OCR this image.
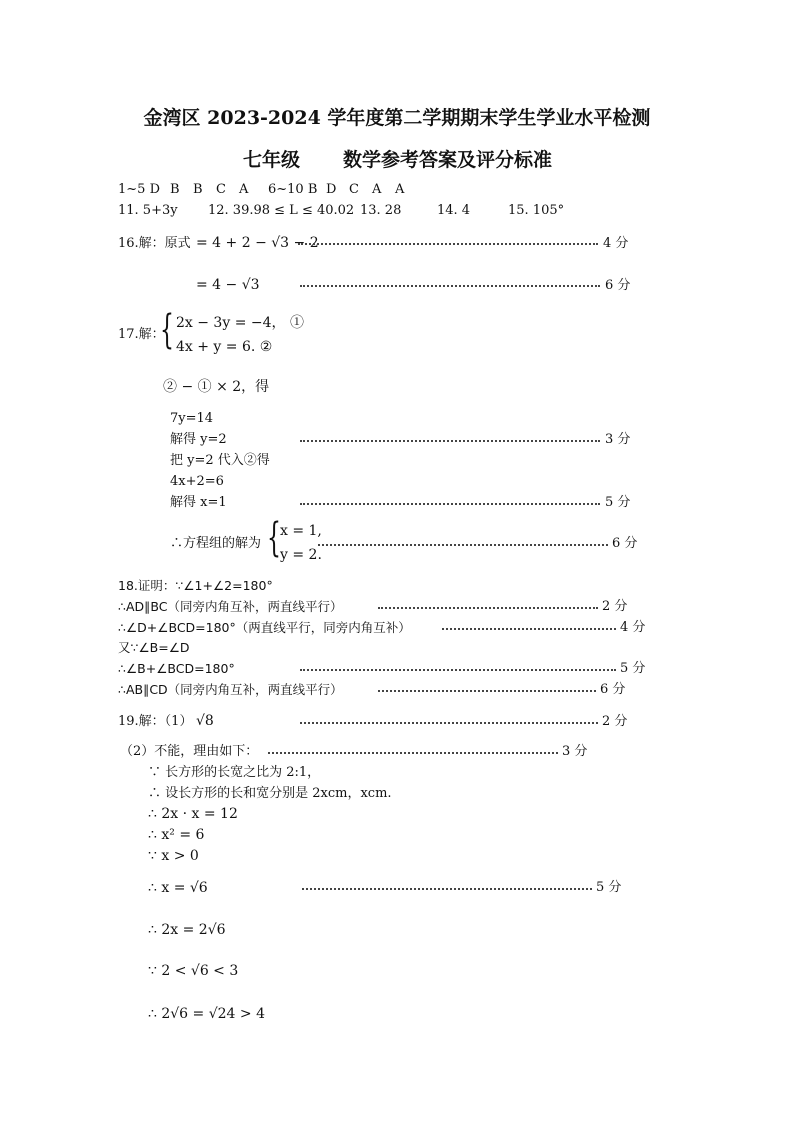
金湾区 2023-2024 学年度第二学期期末学生学业水平检测
七年级 数学参考答案及评分标准
1~5 D B B C A 6~10 B D C A A
11. 5+3y 12. 39.98 ≤ L ≤ 40.02 13. 28	14. 4	15. 105°
16.解：原式 = 4 + 2 − √3 − 2	4 分
= 4 − √3	6 分
17.解：
{ 2x − 3y = −4， ①
4x + y = 6. ②
② − ① × 2，得
7y=14
解得 y=2	3 分
把 y=2 代入②得
4x+2=6
解得 x=1	5 分
∴方程组的解为 { x = 1,
y = 2.
6 分
18.证明：∵∠1+∠2=180°
∴AD∥BC（同旁内角互补，两直线平行）	2 分
∴∠D+∠BCD=180°（两直线平行，同旁内角互补）	4 分
又∵∠B=∠D
∴∠B+∠BCD=180°	5 分
∴AB∥CD（同旁内角互补，两直线平行）	6 分
19.解：（1） √8	2 分
（2）不能，理由如下：	3 分
∵ 长方形的长宽之比为 2:1，
∴ 设长方形的长和宽分别是 2xcm，xcm.
∴ 2x · x = 12
∴ x² = 6
∵ x > 0
∴ x = √6	5 分
∴ 2x = 2√6
∵ 2 < √6 < 3
∴ 2√6 = √24 > 4
